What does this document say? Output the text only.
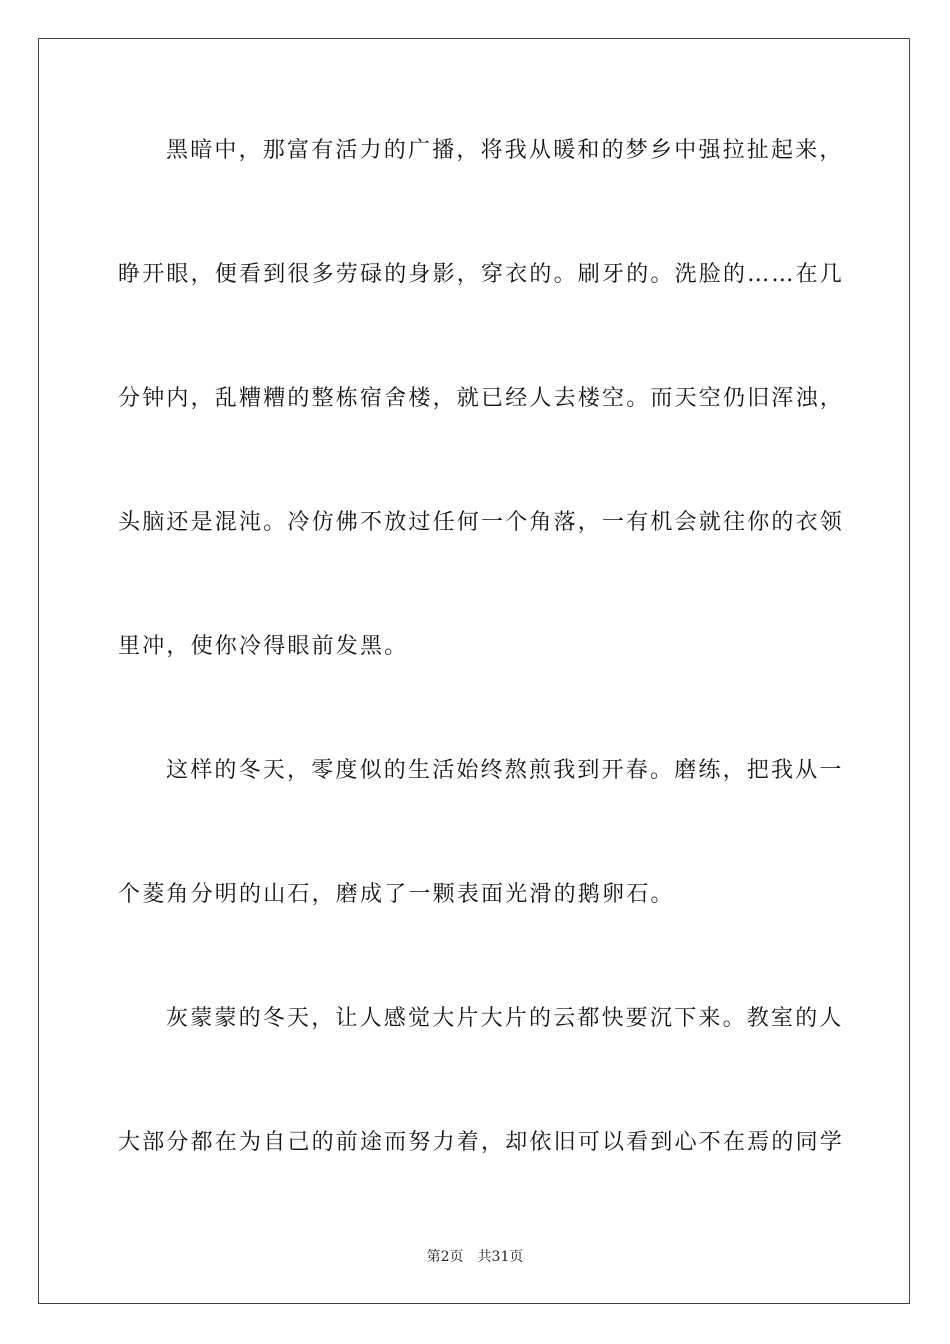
黑暗中，那富有活力的广播，将我从暖和的梦乡中强拉扯起来，
睁开眼，便看到很多劳碌的身影，穿衣的。刷牙的。洗脸的……在几
分钟内，乱糟糟的整栋宿舍楼，就已经人去楼空。而天空仍旧浑浊，
头脑还是混沌。冷仿佛不放过任何一个角落，一有机会就往你的衣领
里冲，使你冷得眼前发黑。
这样的冬天，零度似的生活始终熬煎我到开春。磨练，把我从一
个菱角分明的山石，磨成了一颗表面光滑的鹅卵石。
灰蒙蒙的冬天，让人感觉大片大片的云都快要沉下来。教室的人
大部分都在为自己的前途而努力着，却依旧可以看到心不在焉的同学
第2页 共31页
